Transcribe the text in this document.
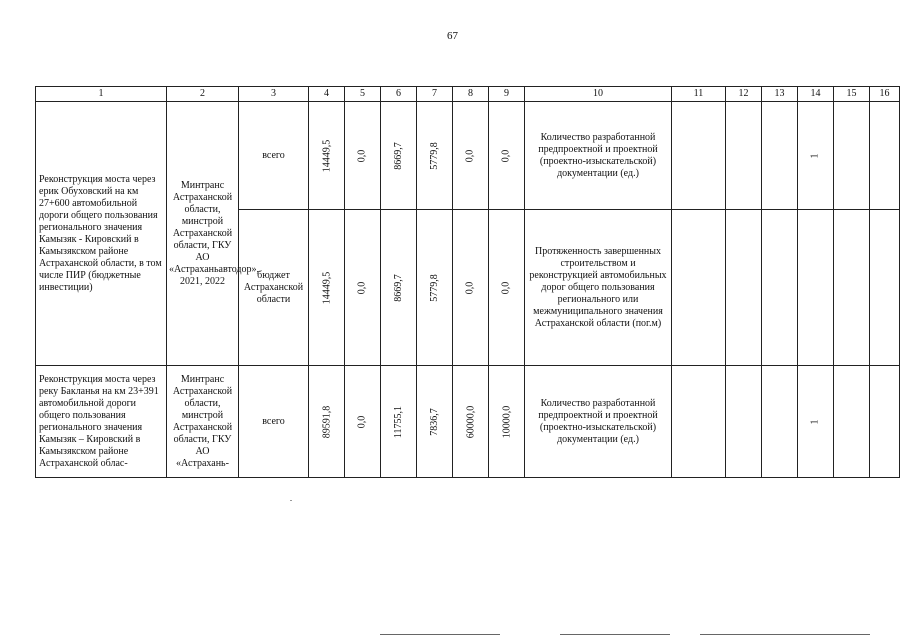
67
1	2	3	4	5	6	7	8	9	10	11	12	13	14	15	16
Реконструкция моста через ерик Обуховский на км 27+600 автомобильной дороги общего пользования регионального значения Камызяк - Кировский в Камызякском районе Астраханской области, в том числе ПИР (бюджетные инвестиции)	Минтранс Астраханской области, минстрой Астраханской области, ГКУ АО «Астраханьавтодор», 2021, 2022	всего	14449,5	0,0	8669,7	5779,8	0,0	0,0	Количество разработанной предпроектной и проектной (проектно-изыскательской) документации (ед.)				1		
		бюджет Астраханской области	14449,5	0,0	8669,7	5779,8	0,0	0,0	Протяженность завершенных строительством и реконструкцией автомобильных дорог общего пользования регионального или межмуниципального значения Астраханской области (пог.м)						
Реконструкция моста через реку Бакланья на км 23+391 автомобильной дороги общего пользования регионального значения Камызяк – Кировский в Камызякском районе Астраханской облас-	Минтранс Астраханской области, минстрой Астраханской области, ГКУ АО «Астрахань-	всего	89591,8	0,0	11755,1	7836,7	60000,0	10000,0	Количество разработанной предпроектной и проектной (проектно-изыскательской) документации (ед.)				1		
